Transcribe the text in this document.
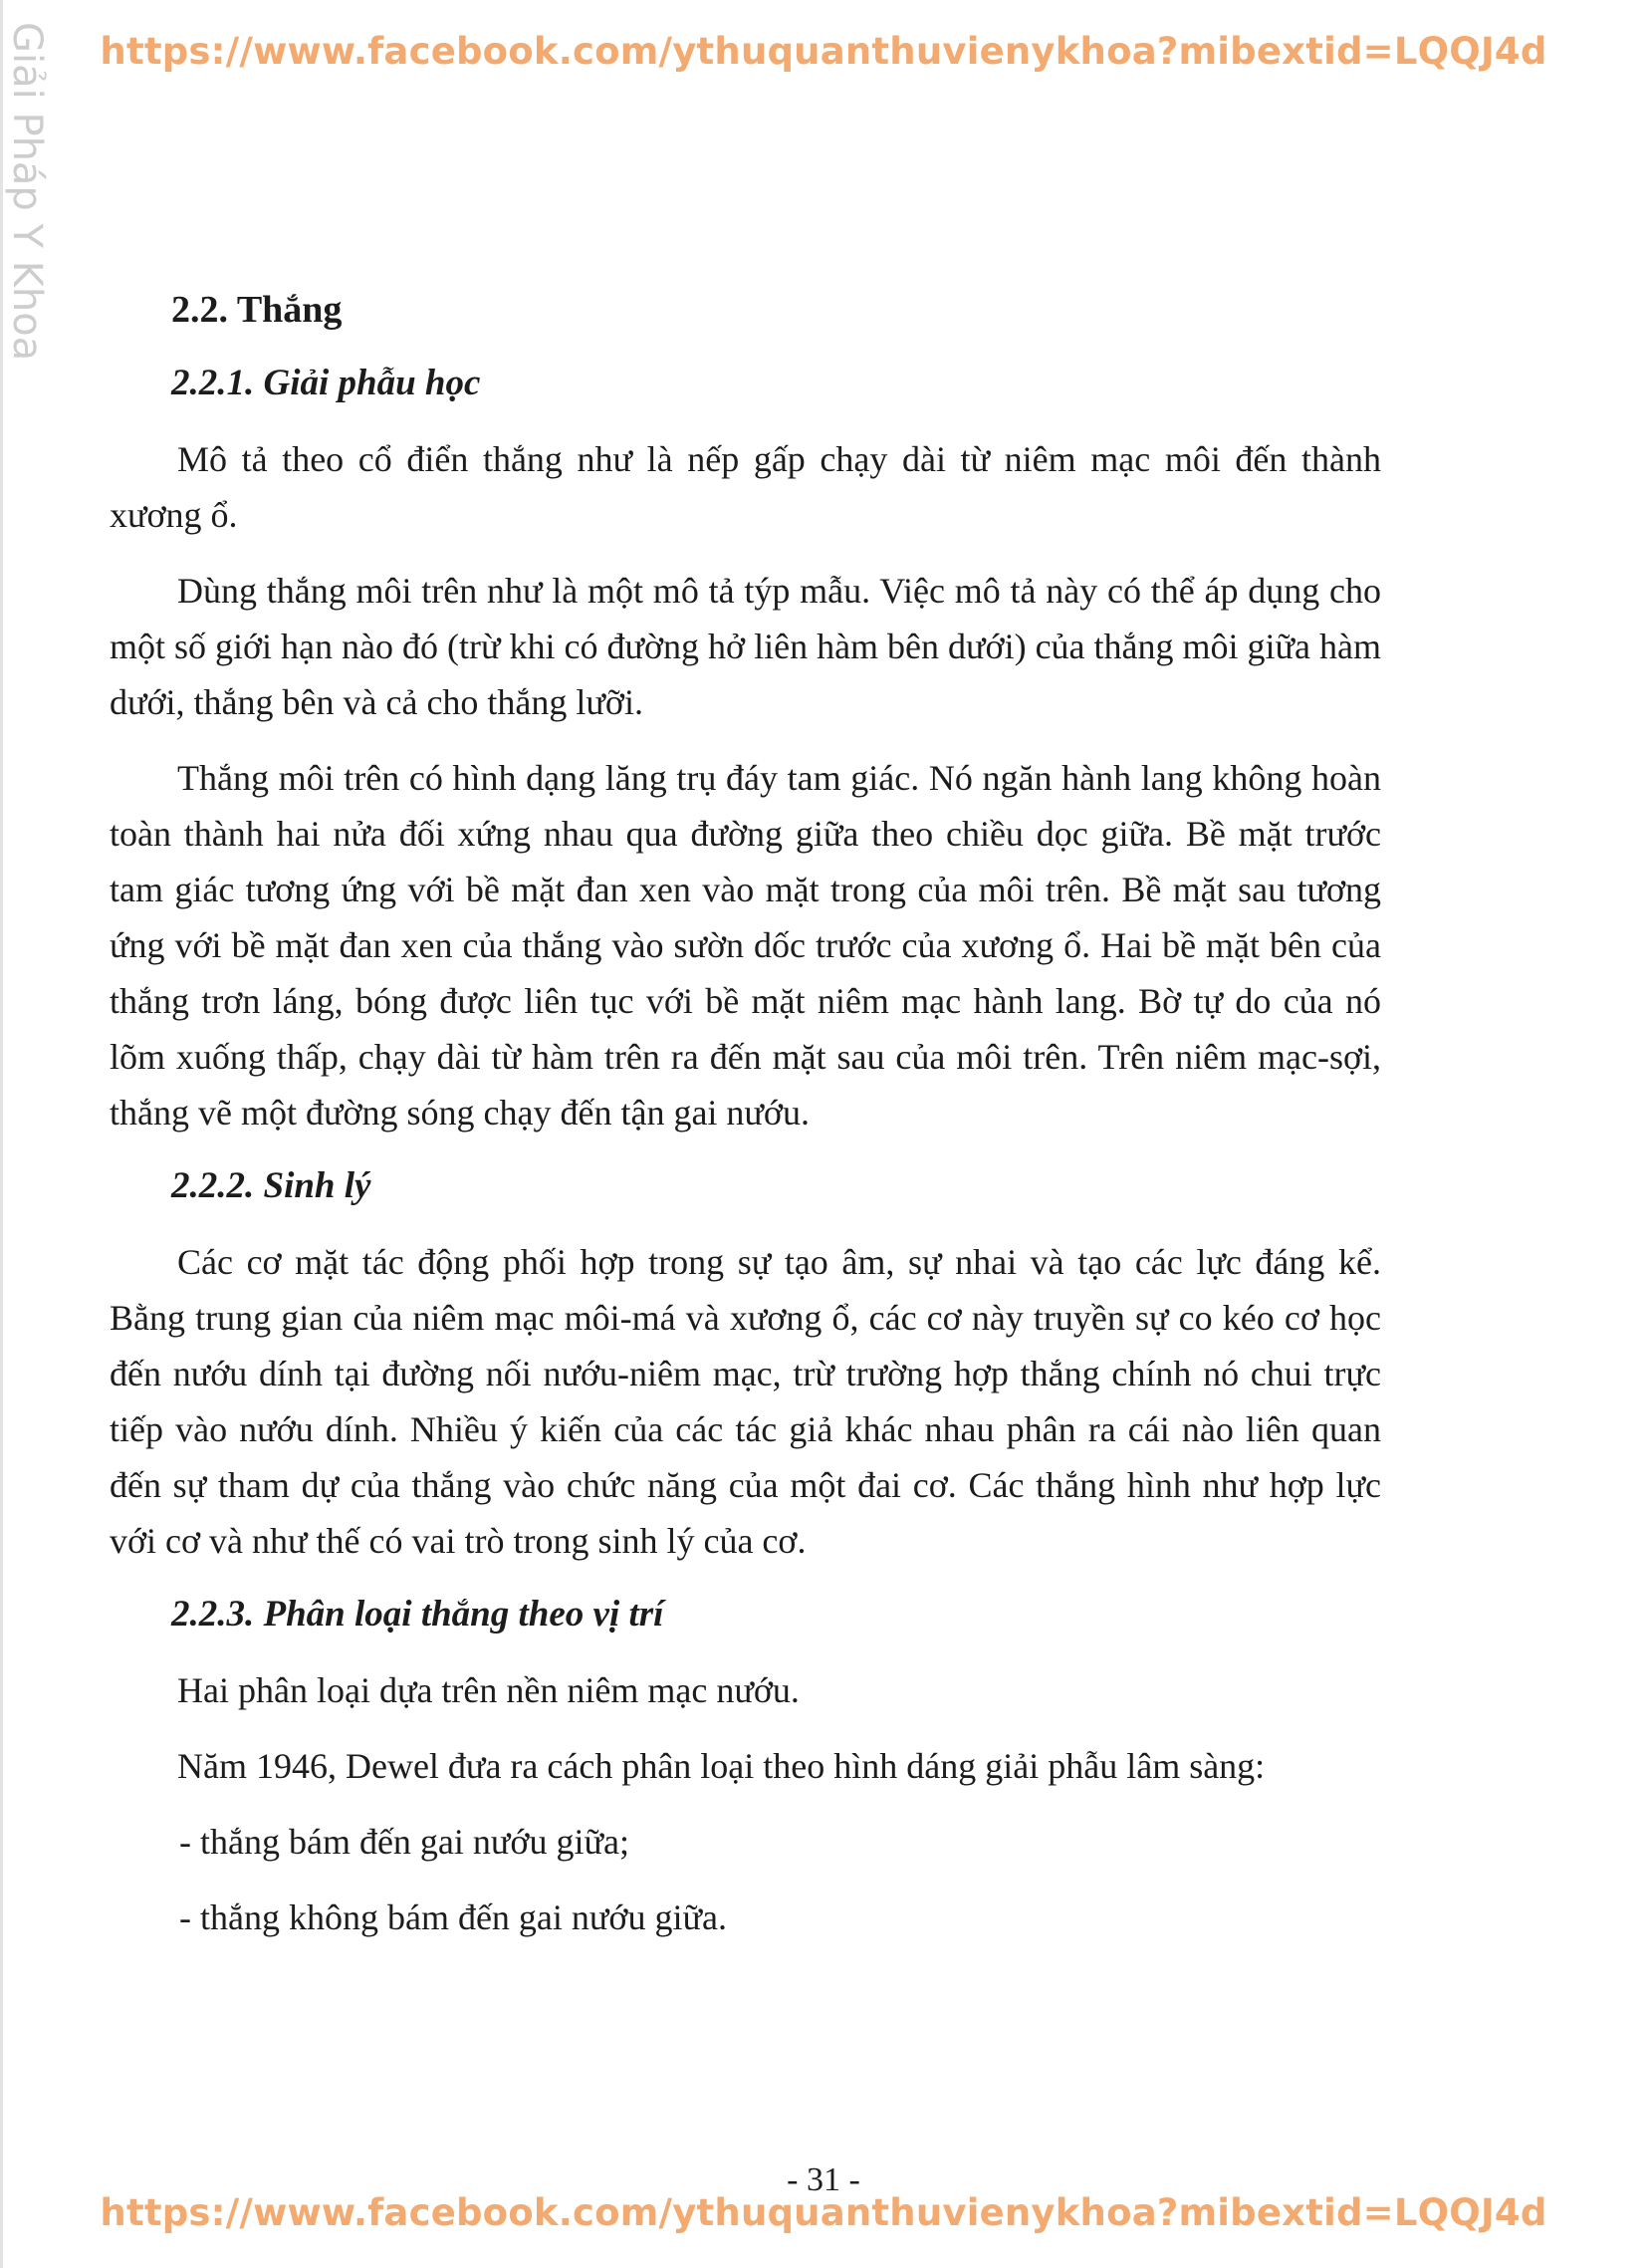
https://www.facebook.com/ythuquanthuvienykhoa?mibextid=LQQJ4d
Giải Pháp Y Khoa	2.2. Thắng
2.2.1. Giải phẫu học

Mô tả theo cổ điển thắng như là nếp gấp chạy dài từ niêm mạc môi đến thành xương ổ.

Dùng thắng môi trên như là một mô tả týp mẫu. Việc mô tả này có thể áp dụng cho một số giới hạn nào đó (trừ khi có đường hở liên hàm bên dưới) của thắng môi giữa hàm dưới, thắng bên và cả cho thắng lưỡi.

Thắng môi trên có hình dạng lăng trụ đáy tam giác. Nó ngăn hành lang không hoàn toàn thành hai nửa đối xứng nhau qua đường giữa theo chiều dọc giữa. Bề mặt trước tam giác tương ứng với bề mặt đan xen vào mặt trong của môi trên. Bề mặt sau tương ứng với bề mặt đan xen của thắng vào sườn dốc trước của xương ổ. Hai bề mặt bên của thắng trơn láng, bóng được liên tục với bề mặt niêm mạc hành lang. Bờ tự do của nó lõm xuống thấp, chạy dài từ hàm trên ra đến mặt sau của môi trên. Trên niêm mạc-sợi, thắng vẽ một đường sóng chạy đến tận gai nướu.

2.2.2. Sinh lý

Các cơ mặt tác động phối hợp trong sự tạo âm, sự nhai và tạo các lực đáng kể. Bằng trung gian của niêm mạc môi-má và xương ổ, các cơ này truyền sự co kéo cơ học đến nướu dính tại đường nối nướu-niêm mạc, trừ trường hợp thắng chính nó chui trực tiếp vào nướu dính. Nhiều ý kiến của các tác giả khác nhau phân ra cái nào liên quan đến sự tham dự của thắng vào chức năng của một đai cơ. Các thắng hình như hợp lực với cơ và như thế có vai trò trong sinh lý của cơ.

2.2.3. Phân loại thắng theo vị trí

Hai phân loại dựa trên nền niêm mạc nướu.

Năm 1946, Dewel đưa ra cách phân loại theo hình dáng giải phẫu lâm sàng:

- thắng bám đến gai nướu giữa;
- thắng không bám đến gai nướu giữa.
- 31 -
https://www.facebook.com/ythuquanthuvienykhoa?mibextid=LQQJ4d
